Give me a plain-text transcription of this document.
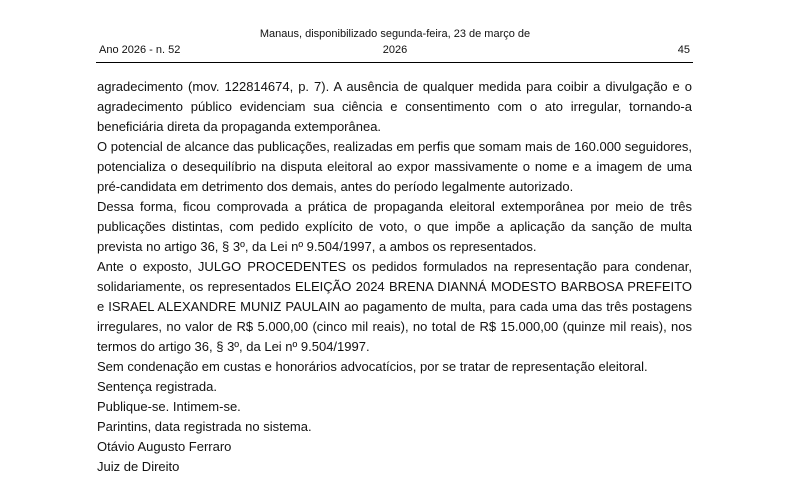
Manaus, disponibilizado segunda-feira, 23 de março de 2026
Ano 2026 - n. 52	45

agradecimento (mov. 122814674, p. 7). A ausência de qualquer medida para coibir a divulgação e o agradecimento público evidenciam sua ciência e consentimento com o ato irregular, tornando-a beneficiária direta da propaganda extemporânea.

O potencial de alcance das publicações, realizadas em perfis que somam mais de 160.000 seguidores, potencializa o desequilíbrio na disputa eleitoral ao expor massivamente o nome e a imagem de uma pré-candidata em detrimento dos demais, antes do período legalmente autorizado.

Dessa forma, ficou comprovada a prática de propaganda eleitoral extemporânea por meio de três publicações distintas, com pedido explícito de voto, o que impõe a aplicação da sanção de multa prevista no artigo 36, § 3º, da Lei nº 9.504/1997, a ambos os representados.

Ante o exposto, JULGO PROCEDENTES os pedidos formulados na representação para condenar, solidariamente, os representados ELEIÇÃO 2024 BRENA DIANNÁ MODESTO BARBOSA PREFEITO e ISRAEL ALEXANDRE MUNIZ PAULAIN ao pagamento de multa, para cada uma das três postagens irregulares, no valor de R$ 5.000,00 (cinco mil reais), no total de R$ 15.000,00 (quinze mil reais), nos termos do artigo 36, § 3º, da Lei nº 9.504/1997.

Sem condenação em custas e honorários advocatícios, por se tratar de representação eleitoral.

Sentença registrada.

Publique-se. Intimem-se.

Parintins, data registrada no sistema.

Otávio Augusto Ferraro

Juiz de Direito
